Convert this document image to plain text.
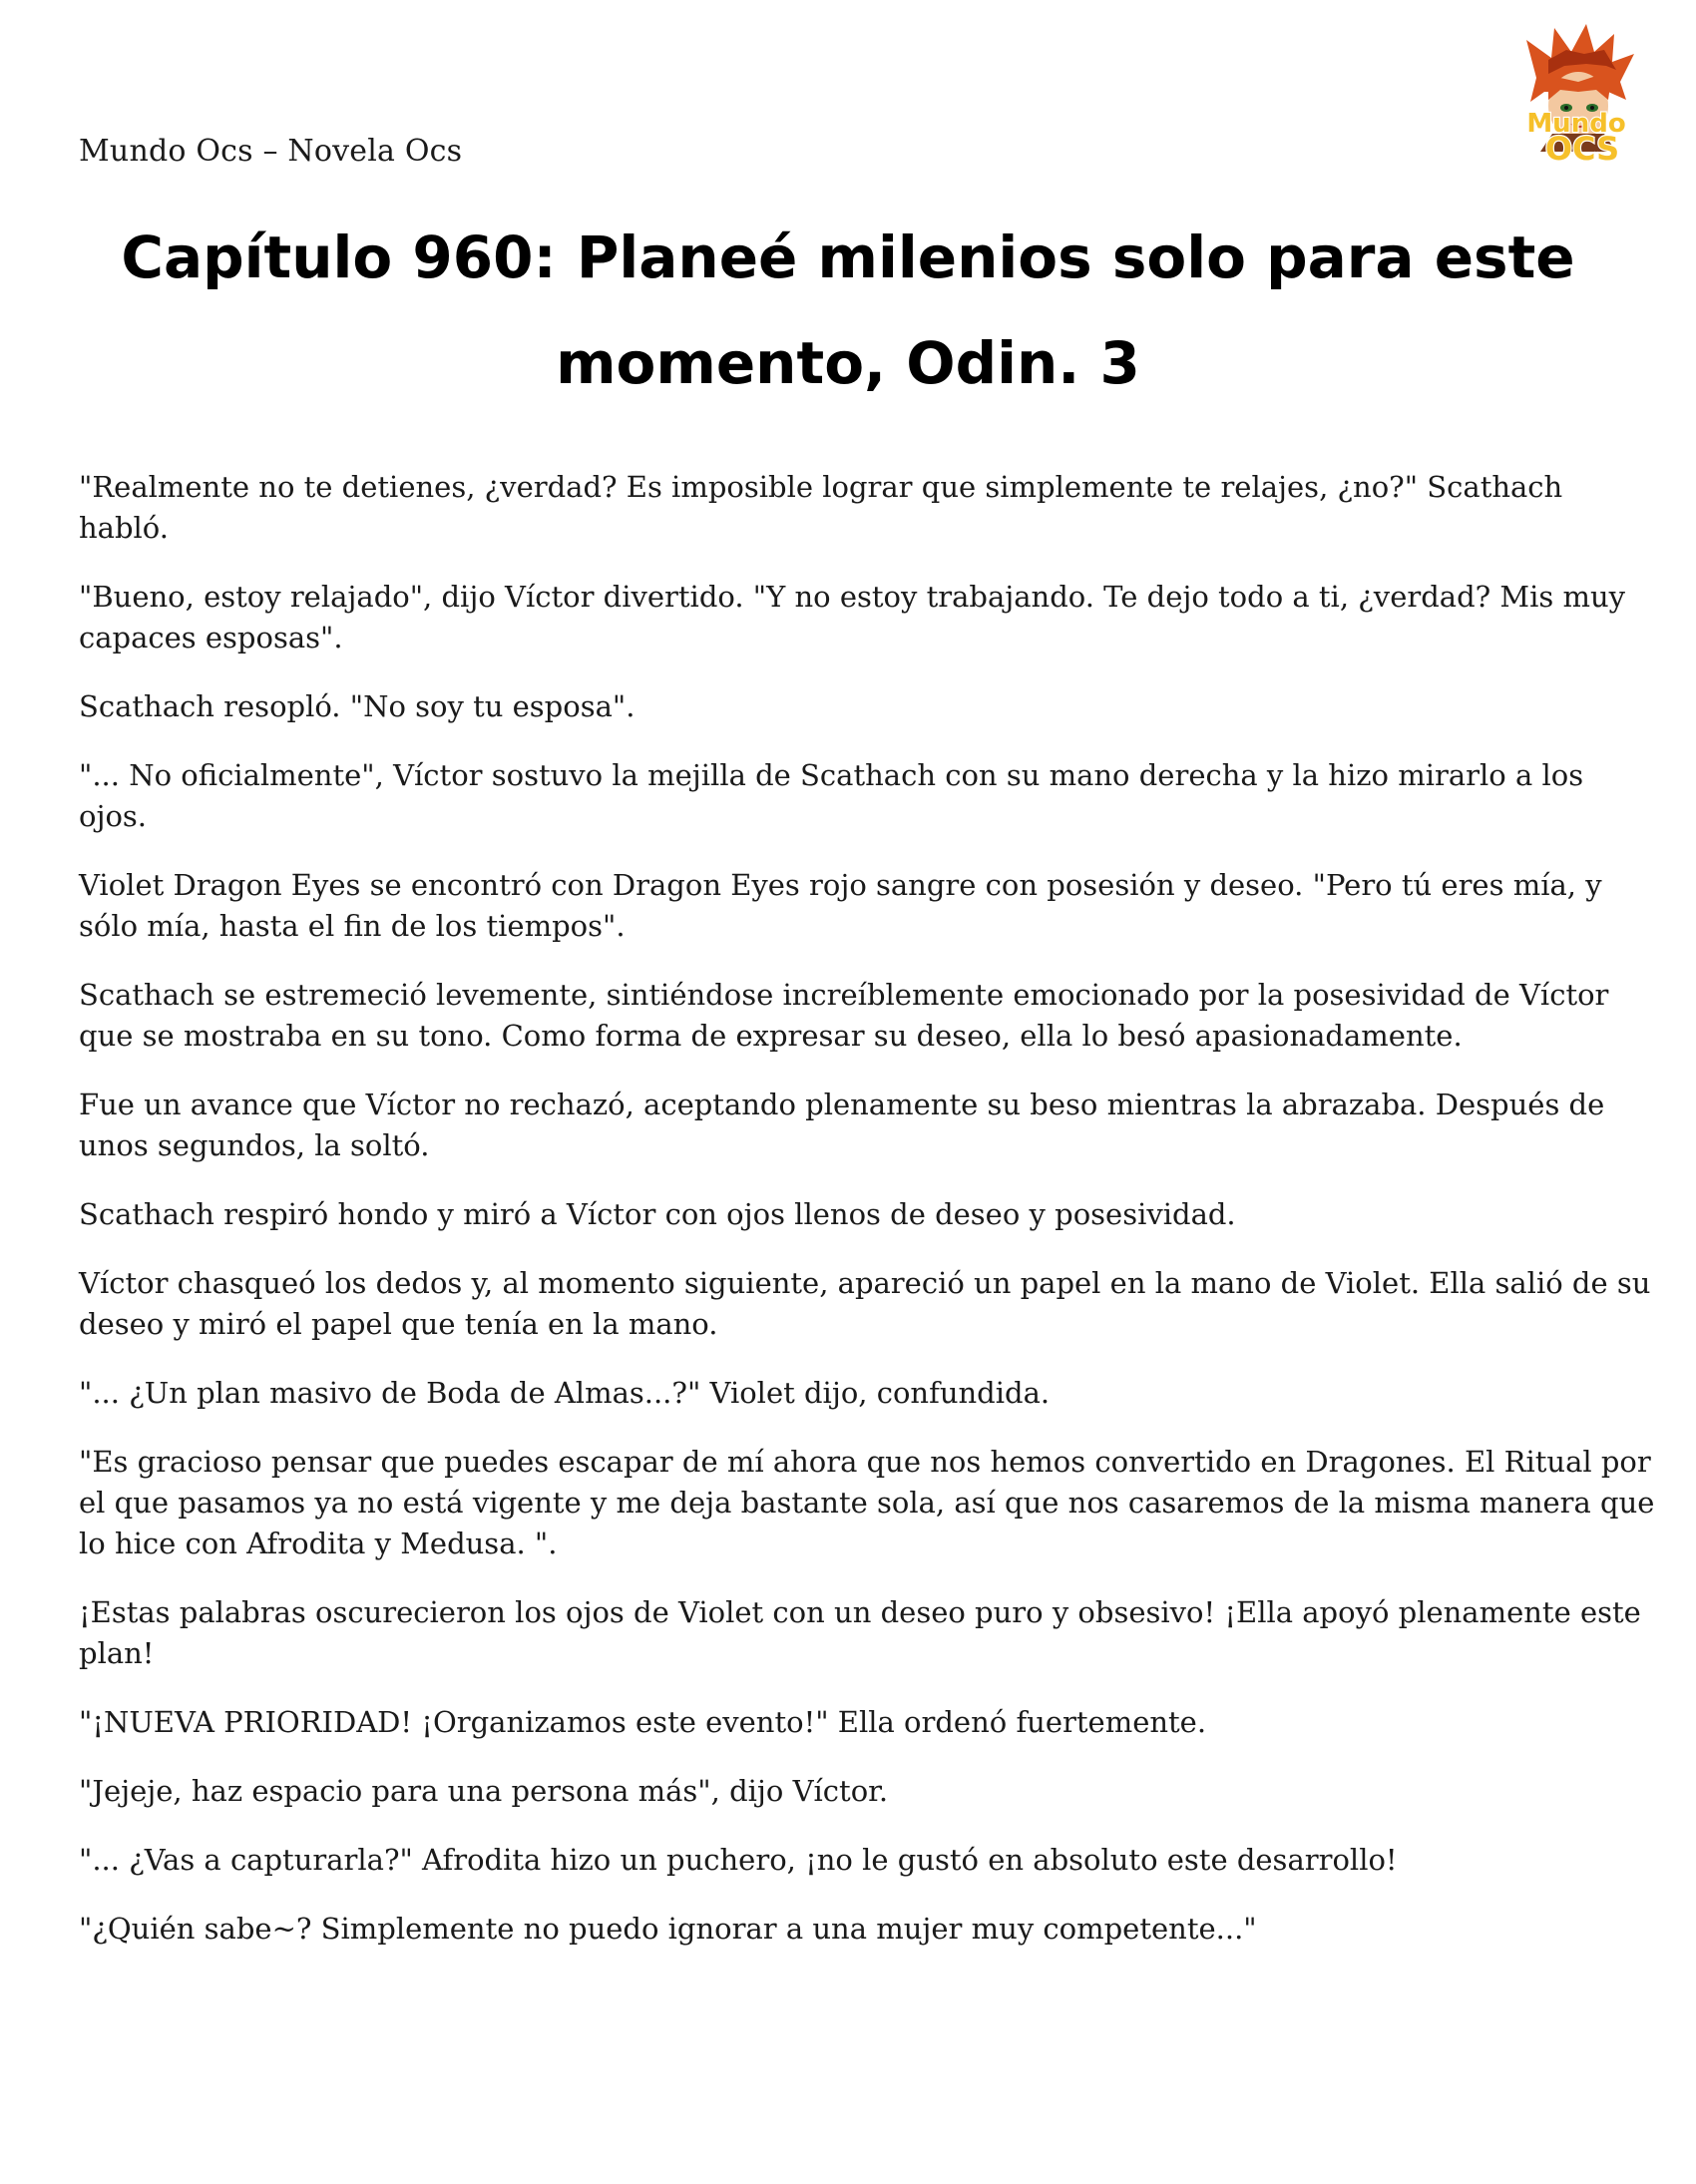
Mundo Ocs – Novela Ocs
Mundo
OCS
Capítulo 960: Planeé milenios solo para este momento, Odin. 3

"Realmente no te detienes, ¿verdad? Es imposible lograr que simplemente te relajes, ¿no?" Scathach habló.

"Bueno, estoy relajado", dijo Víctor divertido. "Y no estoy trabajando. Te dejo todo a ti, ¿verdad? Mis muy capaces esposas".

Scathach resopló. "No soy tu esposa".

"... No oficialmente", Víctor sostuvo la mejilla de Scathach con su mano derecha y la hizo mirarlo a los ojos.

Violet Dragon Eyes se encontró con Dragon Eyes rojo sangre con posesión y deseo. "Pero tú eres mía, y sólo mía, hasta el fin de los tiempos".

Scathach se estremeció levemente, sintiéndose increíblemente emocionado por la posesividad de Víctor que se mostraba en su tono. Como forma de expresar su deseo, ella lo besó apasionadamente.

Fue un avance que Víctor no rechazó, aceptando plenamente su beso mientras la abrazaba. Después de unos segundos, la soltó.

Scathach respiró hondo y miró a Víctor con ojos llenos de deseo y posesividad.

Víctor chasqueó los dedos y, al momento siguiente, apareció un papel en la mano de Violet. Ella salió de su deseo y miró el papel que tenía en la mano.

"... ¿Un plan masivo de Boda de Almas...?" Violet dijo, confundida.

"Es gracioso pensar que puedes escapar de mí ahora que nos hemos convertido en Dragones. El Ritual por el que pasamos ya no está vigente y me deja bastante sola, así que nos casaremos de la misma manera que lo hice con Afrodita y Medusa. ".

¡Estas palabras oscurecieron los ojos de Violet con un deseo puro y obsesivo! ¡Ella apoyó plenamente este plan!

"¡NUEVA PRIORIDAD! ¡Organizamos este evento!" Ella ordenó fuertemente.

"Jejeje, haz espacio para una persona más", dijo Víctor.

"... ¿Vas a capturarla?" Afrodita hizo un puchero, ¡no le gustó en absoluto este desarrollo!

"¿Quién sabe~? Simplemente no puedo ignorar a una mujer muy competente..."
